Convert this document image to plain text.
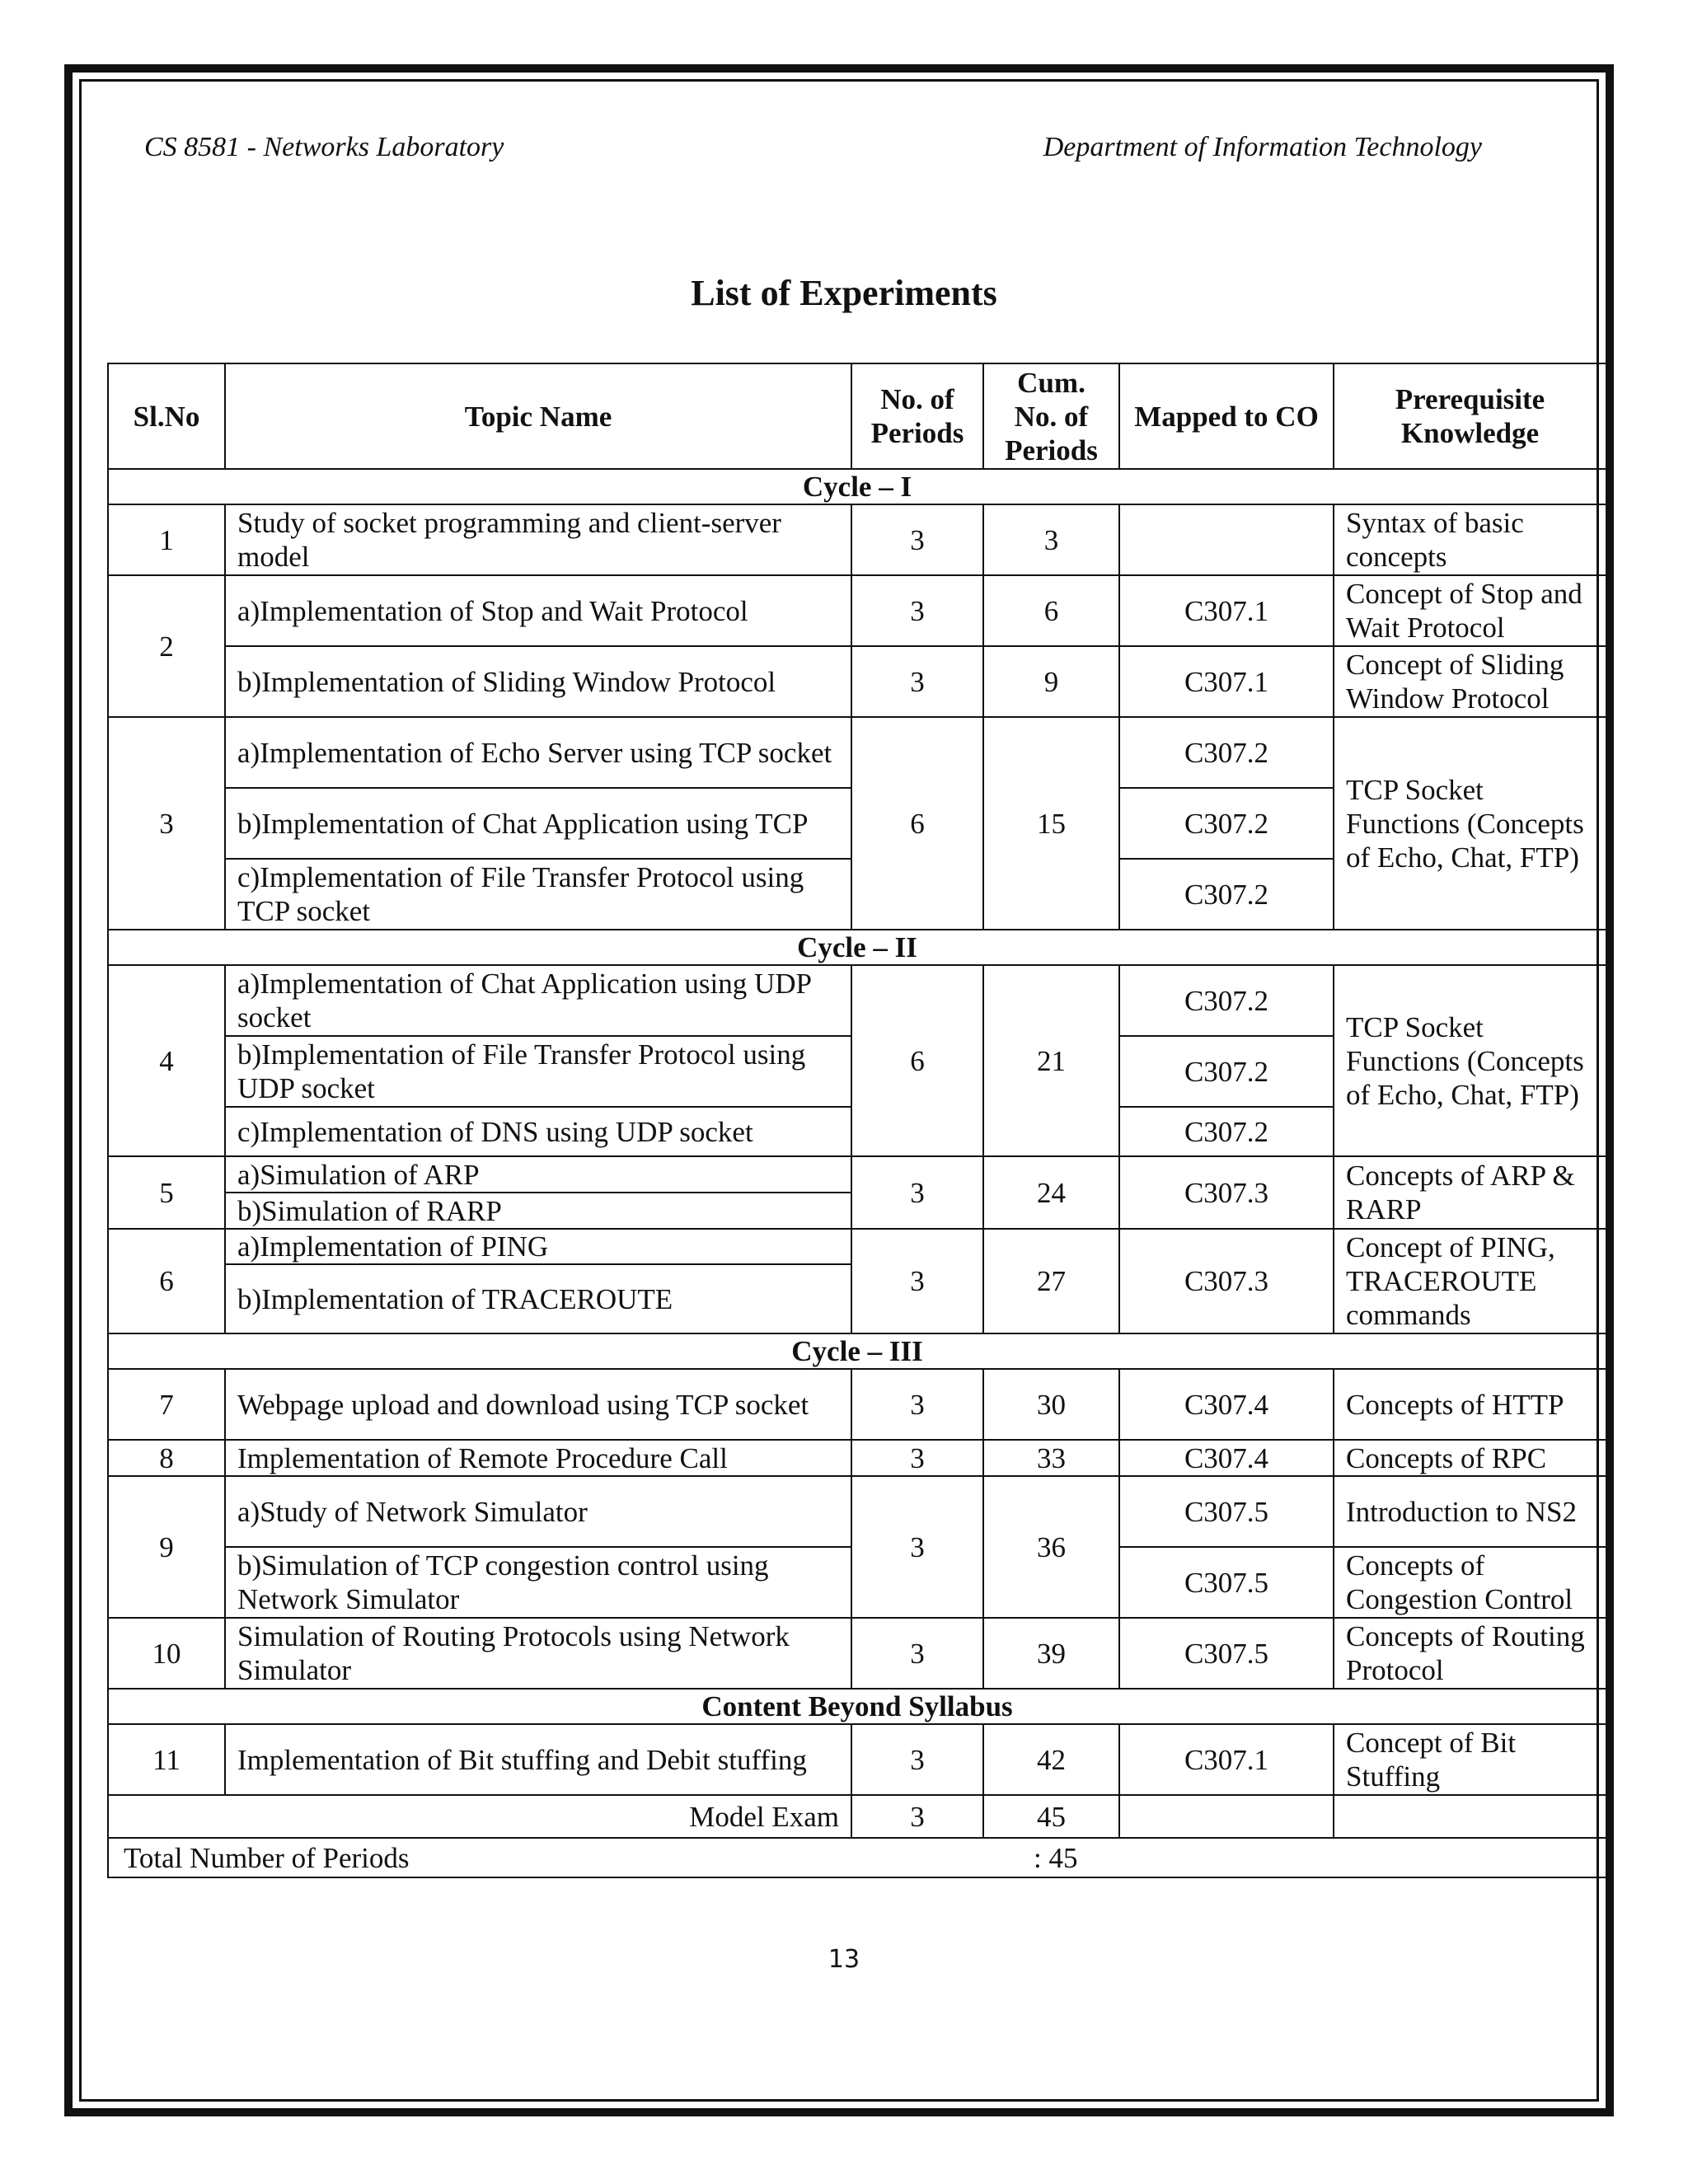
CS 8581 - Networks Laboratory	Department of Information Technology
List of Experiments
Sl.No	Topic Name	No. of Periods	Cum. No. of Periods	Mapped to CO	Prerequisite Knowledge
Cycle – I					
1	Study of socket programming and client-server model	3	3		Syntax of basic concepts
2	a)Implementation of Stop and Wait Protocol	3	6	C307.1	Concept of Stop and Wait Protocol
	b)Implementation of Sliding Window Protocol	3	9	C307.1	Concept of Sliding Window Protocol
3	a)Implementation of Echo Server using TCP socket	6	15	C307.2	TCP Socket Functions (Concepts of Echo, Chat, FTP)
	b)Implementation of Chat Application using TCP			C307.2	
	c)Implementation of File Transfer Protocol using TCP socket			C307.2	
Cycle – II					
4	a)Implementation of Chat Application using UDP socket	6	21	C307.2	TCP Socket Functions (Concepts of Echo, Chat, FTP)
	b)Implementation of File Transfer Protocol using UDP socket			C307.2	
	c)Implementation of DNS using UDP socket			C307.2	
5	a)Simulation of ARP	3	24	C307.3	Concepts of ARP & RARP
	b)Simulation of RARP				
6	a)Implementation of PING	3	27	C307.3	Concept of PING, TRACEROUTE commands
	b)Implementation of TRACEROUTE				
Cycle – III					
7	Webpage upload and download using TCP socket	3	30	C307.4	Concepts of HTTP
8	Implementation of Remote Procedure Call	3	33	C307.4	Concepts of RPC
9	a)Study of Network Simulator	3	36	C307.5	Introduction to NS2
	b)Simulation of TCP congestion control using Network Simulator			C307.5	Concepts of Congestion Control
10	Simulation of Routing Protocols using Network Simulator	3	39	C307.5	Concepts of Routing Protocol
Content Beyond Syllabus					
11	Implementation of Bit stuffing and Debit stuffing	3	42	C307.1	Concept of Bit Stuffing
Model Exam		3	45		
Total Number of Periods : 45					
13
